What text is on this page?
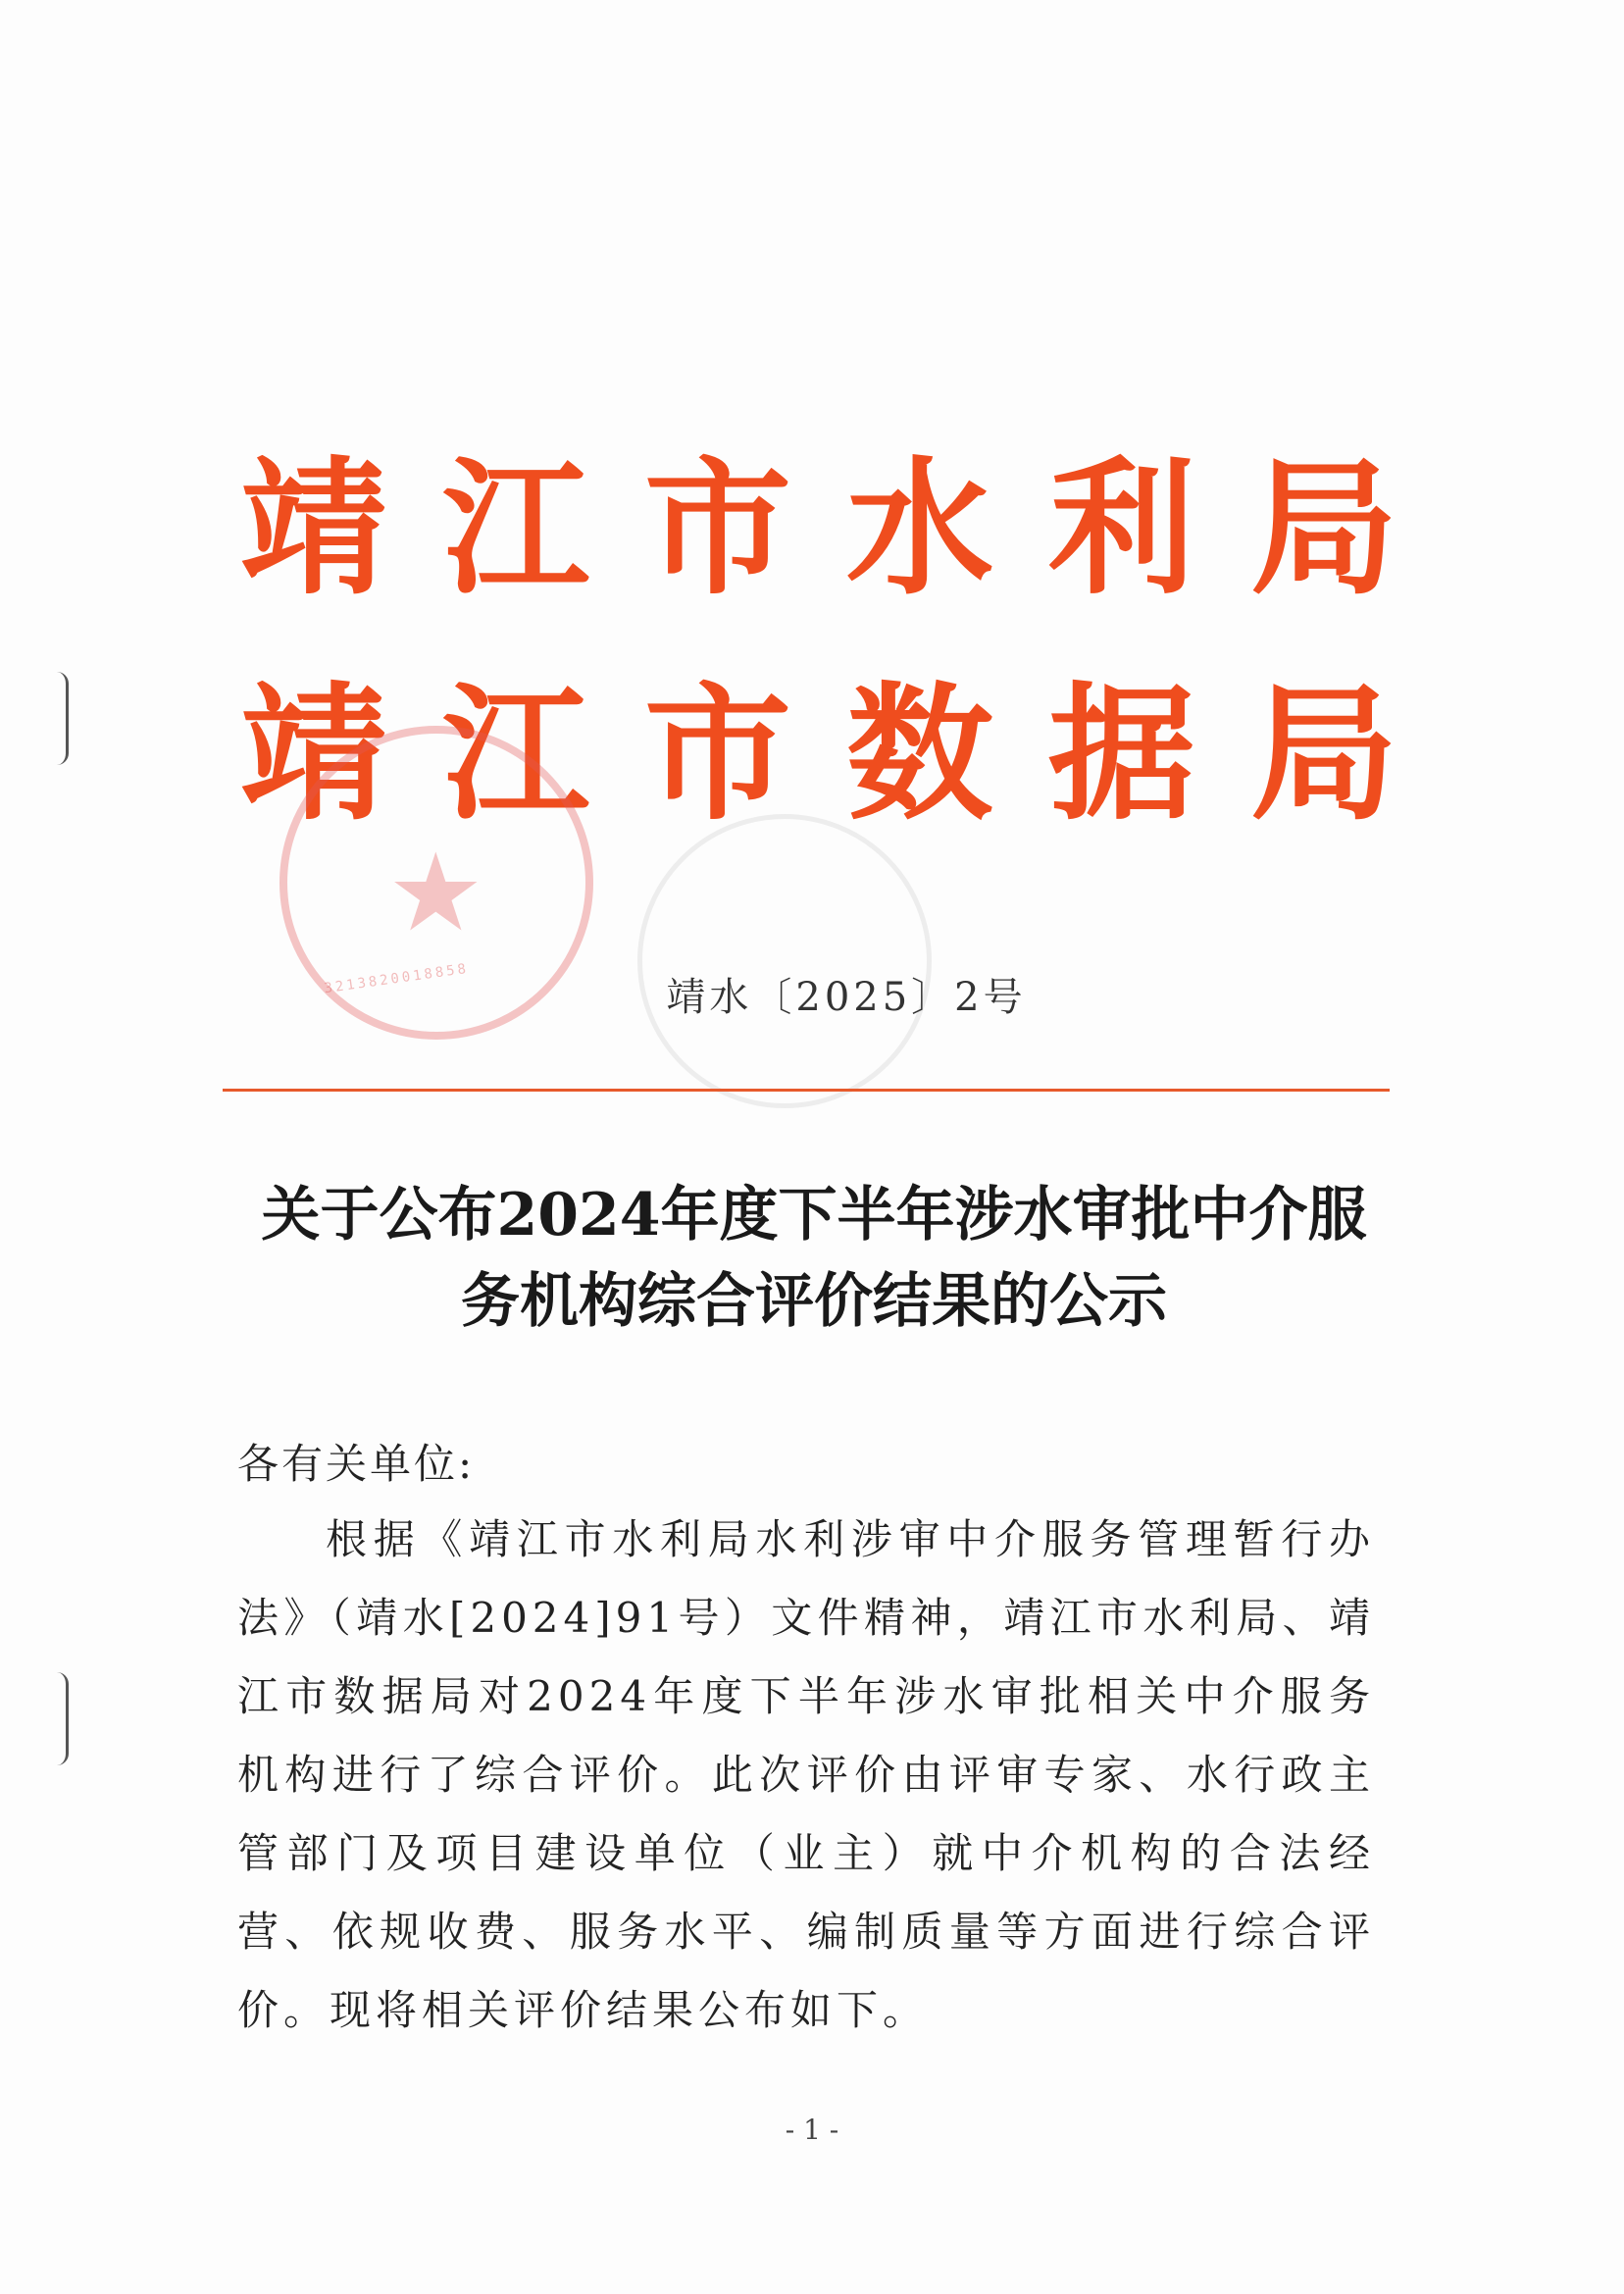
靖 江 市 水 利 局
靖 江 市 数 据 局
★
3213820018858	靖水〔2025〕2号
关于公布2024年度下半年涉水审批中介服
务机构综合评价结果的公示
各有关单位:
根据《靖江市水利局水利涉审中介服务管理暂行办法》（靖水[2024]91号）文件精神，靖江市水利局、靖江市数据局对2024年度下半年涉水审批相关中介服务机构进行了综合评价。此次评价由评审专家、水行政主管部门及项目建设单位（业主）就中介机构的合法经营、依规收费、服务水平、编制质量等方面进行综合评价。现将相关评价结果公布如下。
- 1 -
